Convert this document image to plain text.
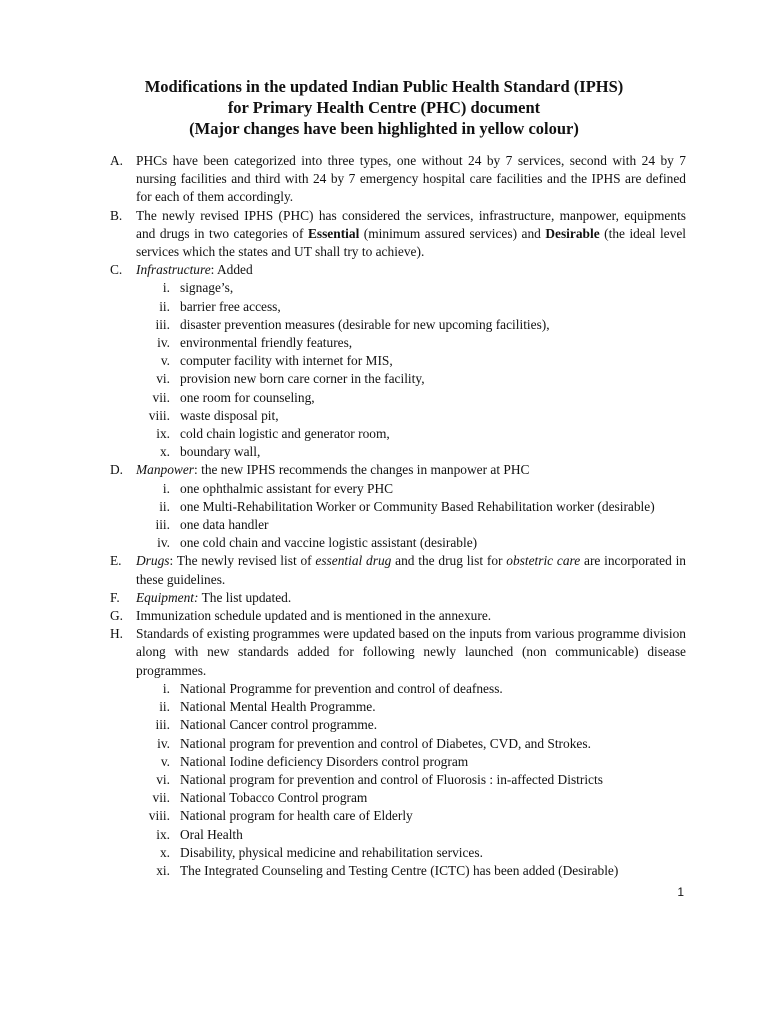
Modifications in the updated Indian Public Health Standard (IPHS)
for Primary Health Centre (PHC) document
(Major changes have been highlighted in yellow colour)
A. PHCs have been categorized into three types, one without 24 by 7 services, second with 24 by 7 nursing facilities and third with 24 by 7 emergency hospital care facilities and the IPHS are defined for each of them accordingly.
B. The newly revised IPHS (PHC) has considered the services, infrastructure, manpower, equipments and drugs in two categories of Essential (minimum assured services) and Desirable (the ideal level services which the states and UT shall try to achieve).
C. Infrastructure: Added
i. signage’s,
ii. barrier free access,
iii. disaster prevention measures (desirable for new upcoming facilities),
iv. environmental friendly features,
v. computer facility with internet for MIS,
vi. provision new born care corner in the facility,
vii. one room for counseling,
viii. waste disposal pit,
ix. cold chain logistic and generator room,
x. boundary wall,
D. Manpower: the new IPHS recommends the changes in manpower at PHC
i. one ophthalmic assistant for every PHC
ii. one Multi-Rehabilitation Worker or Community Based Rehabilitation worker (desirable)
iii. one data handler
iv. one cold chain and vaccine logistic assistant (desirable)
E. Drugs: The newly revised list of essential drug and the drug list for obstetric care are incorporated in these guidelines.
F. Equipment: The list updated.
G. Immunization schedule updated and is mentioned in the annexure.
H. Standards of existing programmes were updated based on the inputs from various programme division along with new standards added for following newly launched (non communicable) disease programmes.
i. National Programme for prevention and control of deafness.
ii. National Mental Health Programme.
iii. National Cancer control programme.
iv. National program for prevention and control of Diabetes, CVD, and Strokes.
v. National Iodine deficiency Disorders control program
vi. National program for prevention and control of Fluorosis : in-affected Districts
vii. National Tobacco Control program
viii. National program for health care of Elderly
ix. Oral Health
x. Disability, physical medicine and rehabilitation services.
xi. The Integrated Counseling and Testing Centre (ICTC) has been added (Desirable)
1
